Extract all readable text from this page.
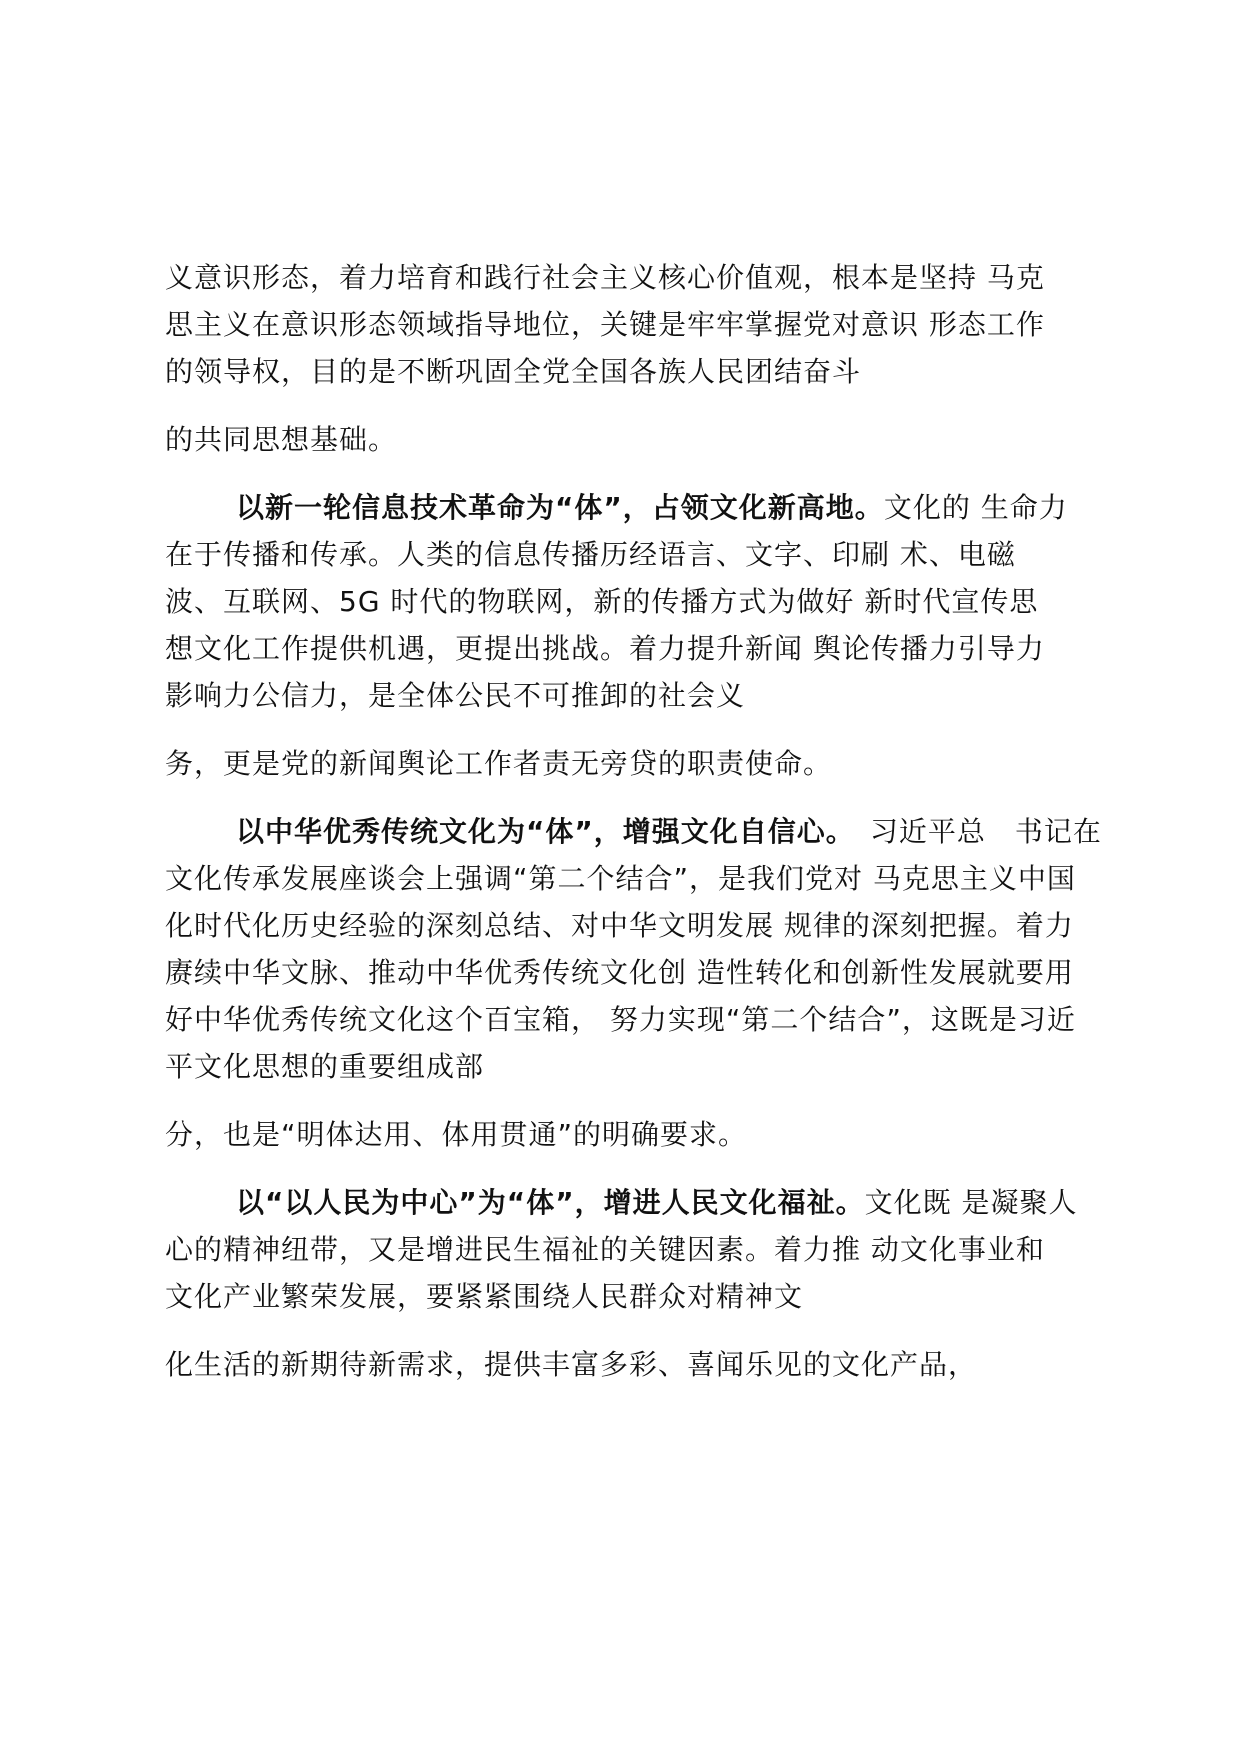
义意识形态，着力培育和践行社会主义核心价值观，根本是坚持 马克
思主义在意识形态领域指导地位，关键是牢牢掌握党对意识 形态工作
的领导权，目的是不断巩固全党全国各族人民团结奋斗
的共同思想基础。
以新一轮信息技术革命为“体”，占领文化新高地。文化的 生命力
在于传播和传承。人类的信息传播历经语言、文字、印刷 术、电磁
波、互联网、5G 时代的物联网，新的传播方式为做好 新时代宣传思
想文化工作提供机遇，更提出挑战。着力提升新闻 舆论传播力引导力
影响力公信力，是全体公民不可推卸的社会义
务，更是党的新闻舆论工作者责无旁贷的职责使命。
以中华优秀传统文化为“体”，增强文化自信心。　习近平总　书记在
文化传承发展座谈会上强调“第二个结合”，是我们党对 马克思主义中国
化时代化历史经验的深刻总结、对中华文明发展 规律的深刻把握。着力
赓续中华文脉、推动中华优秀传统文化创 造性转化和创新性发展就要用
好中华优秀传统文化这个百宝箱， 努力实现“第二个结合”，这既是习近
平文化思想的重要组成部
分，也是“明体达用、体用贯通”的明确要求。
以“以人民为中心”为“体”，增进人民文化福祉。文化既 是凝聚人
心的精神纽带，又是增进民生福祉的关键因素。着力推 动文化事业和
文化产业繁荣发展，要紧紧围绕人民群众对精神文
化生活的新期待新需求，提供丰富多彩、喜闻乐见的文化产品，
